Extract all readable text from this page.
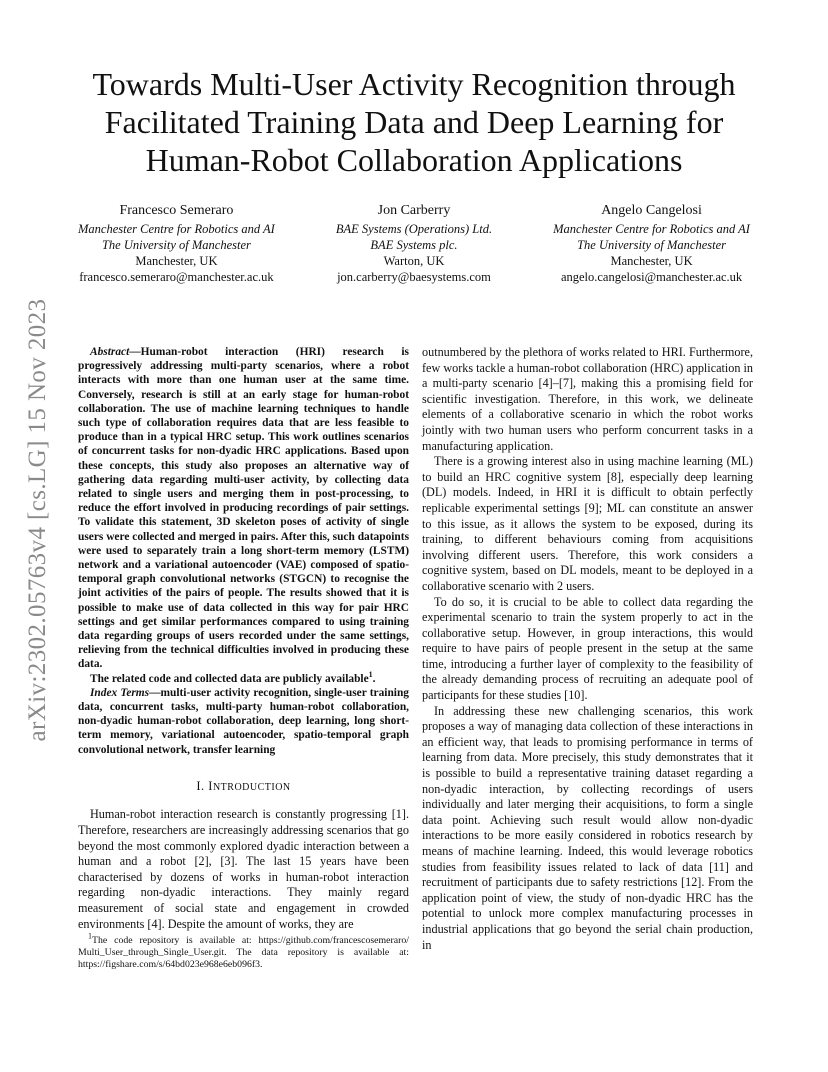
arXiv:2302.05763v4 [cs.LG] 15 Nov 2023
Towards Multi-User Activity Recognition through Facilitated Training Data and Deep Learning for Human-Robot Collaboration Applications
Francesco Semeraro
Manchester Centre for Robotics and AI
The University of Manchester
Manchester, UK
francesco.semeraro@manchester.ac.uk
Jon Carberry
BAE Systems (Operations) Ltd.
BAE Systems plc.
Warton, UK
jon.carberry@baesystems.com
Angelo Cangelosi
Manchester Centre for Robotics and AI
The University of Manchester
Manchester, UK
angelo.cangelosi@manchester.ac.uk

Abstract—Human-robot interaction (HRI) research is progressively addressing multi-party scenarios, where a robot interacts with more than one human user at the same time. Conversely, research is still at an early stage for human-robot collaboration. The use of machine learning techniques to handle such type of collaboration requires data that are less feasible to produce than in a typical HRC setup. This work outlines scenarios of concurrent tasks for non-dyadic HRC applications. Based upon these concepts, this study also proposes an alternative way of gathering data regarding multi-user activity, by collecting data related to single users and merging them in post-processing, to reduce the effort involved in producing recordings of pair settings. To validate this statement, 3D skeleton poses of activity of single users were collected and merged in pairs. After this, such datapoints were used to separately train a long short-term memory (LSTM) network and a variational autoencoder (VAE) composed of spatio-temporal graph convolutional networks (STGCN) to recognise the joint activities of the pairs of people. The results showed that it is possible to make use of data collected in this way for pair HRC settings and get similar performances compared to using training data regarding groups of users recorded under the same settings, relieving from the technical difficulties involved in producing these data.

The related code and collected data are publicly available$^1$.

Index Terms—multi-user activity recognition, single-user training data, concurrent tasks, multi-party human-robot collaboration, non-dyadic human-robot collaboration, deep learning, long short-term memory, variational autoencoder, spatio-temporal graph convolutional network, transfer learning

I. INTRODUCTION

Human-robot interaction research is constantly progressing [1]. Therefore, researchers are increasingly addressing scenarios that go beyond the most commonly explored dyadic interaction between a human and a robot [2], [3]. The last 15 years have been characterised by dozens of works in human-robot interaction regarding non-dyadic interactions. They mainly regard measurement of social state and engagement in crowded environments [4]. Despite the amount of works, they are

outnumbered by the plethora of works related to HRI. Furthermore, few works tackle a human-robot collaboration (HRC) application in a multi-party scenario [4]–[7], making this a promising field for scientific investigation. Therefore, in this work, we delineate elements of a collaborative scenario in which the robot works jointly with two human users who perform concurrent tasks in a manufacturing application.

There is a growing interest also in using machine learning (ML) to build an HRC cognitive system [8], especially deep learning (DL) models. Indeed, in HRI it is difficult to obtain perfectly replicable experimental settings [9]; ML can constitute an answer to this issue, as it allows the system to be exposed, during its training, to different behaviours coming from acquisitions involving different users. Therefore, this work considers a cognitive system, based on DL models, meant to be deployed in a collaborative scenario with 2 users.

To do so, it is crucial to be able to collect data regarding the experimental scenario to train the system properly to act in the collaborative setup. However, in group interactions, this would require to have pairs of people present in the setup at the same time, introducing a further layer of complexity to the feasibility of the already demanding process of recruiting an adequate pool of participants for these studies [10].

In addressing these new challenging scenarios, this work proposes a way of managing data collection of these interactions in an efficient way, that leads to promising performance in terms of learning from data. More precisely, this study demonstrates that it is possible to build a representative training dataset regarding a non-dyadic interaction, by collecting recordings of users individually and later merging their acquisitions, to form a single data point. Achieving such result would allow non-dyadic interactions to be more easily considered in robotics research by means of machine learning. Indeed, this would leverage robotics studies from feasibility issues related to lack of data [11] and recruitment of participants due to safety restrictions [12]. From the application point of view, the study of non-dyadic HRC has the potential to unlock more complex manufacturing processes in industrial applications that go beyond the serial chain production, in

$^1$The code repository is available at: https://github.com/francescosemeraro/ Multi_User_through_Single_User.git. The data repository is available at: https://figshare.com/s/64bd023e968e6eb096f3.
